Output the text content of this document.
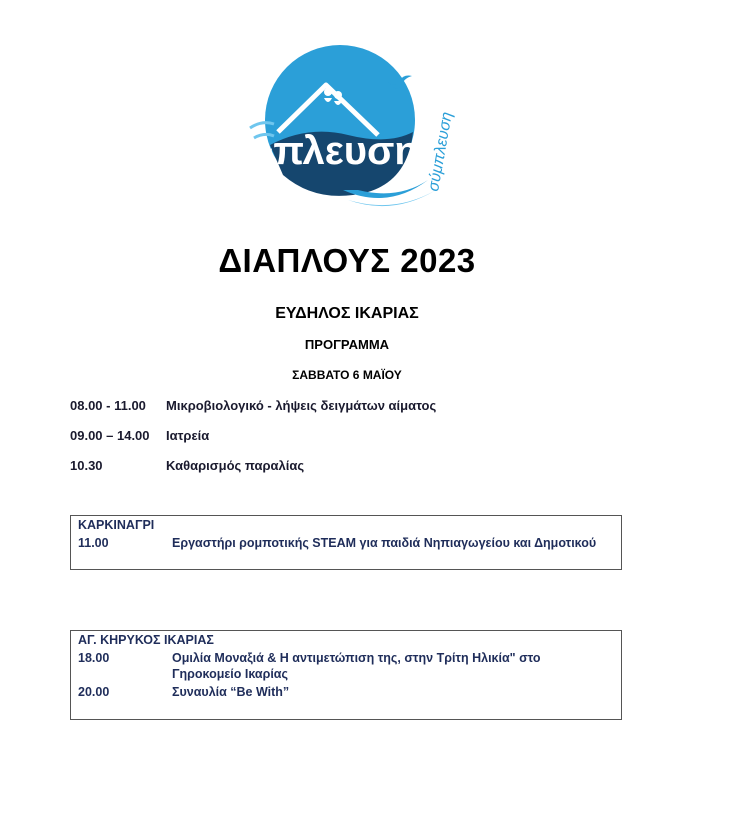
+πλευση σύμπλευση
ΔΙΑΠΛΟΥΣ 2023
ΕΥΔΗΛΟΣ ΙΚΑΡΙΑΣ
ΠΡΟΓΡΑΜΜΑ
ΣΑΒΒΑΤΟ 6 ΜΑΪΟΥ
08.00 - 11.00 Μικροβιολογικό - λήψεις δειγμάτων αίματος
09.00 – 14.00 Ιατρεία
10.30	Καθαρισμός παραλίας
ΚΑΡΚΙΝΑΓΡΙ
11.00	Εργαστήρι ρομποτικής STEAM για παιδιά Νηπιαγωγείου και Δημοτικού
ΑΓ. ΚΗΡΥΚΟΣ ΙΚΑΡΙΑΣ
18.00	Ομιλία Μοναξιά & Η αντιμετώπιση της, στην Τρίτη Ηλικία" στο Γηροκομείο Ικαρίας
20.00	Συναυλία “Be With”
